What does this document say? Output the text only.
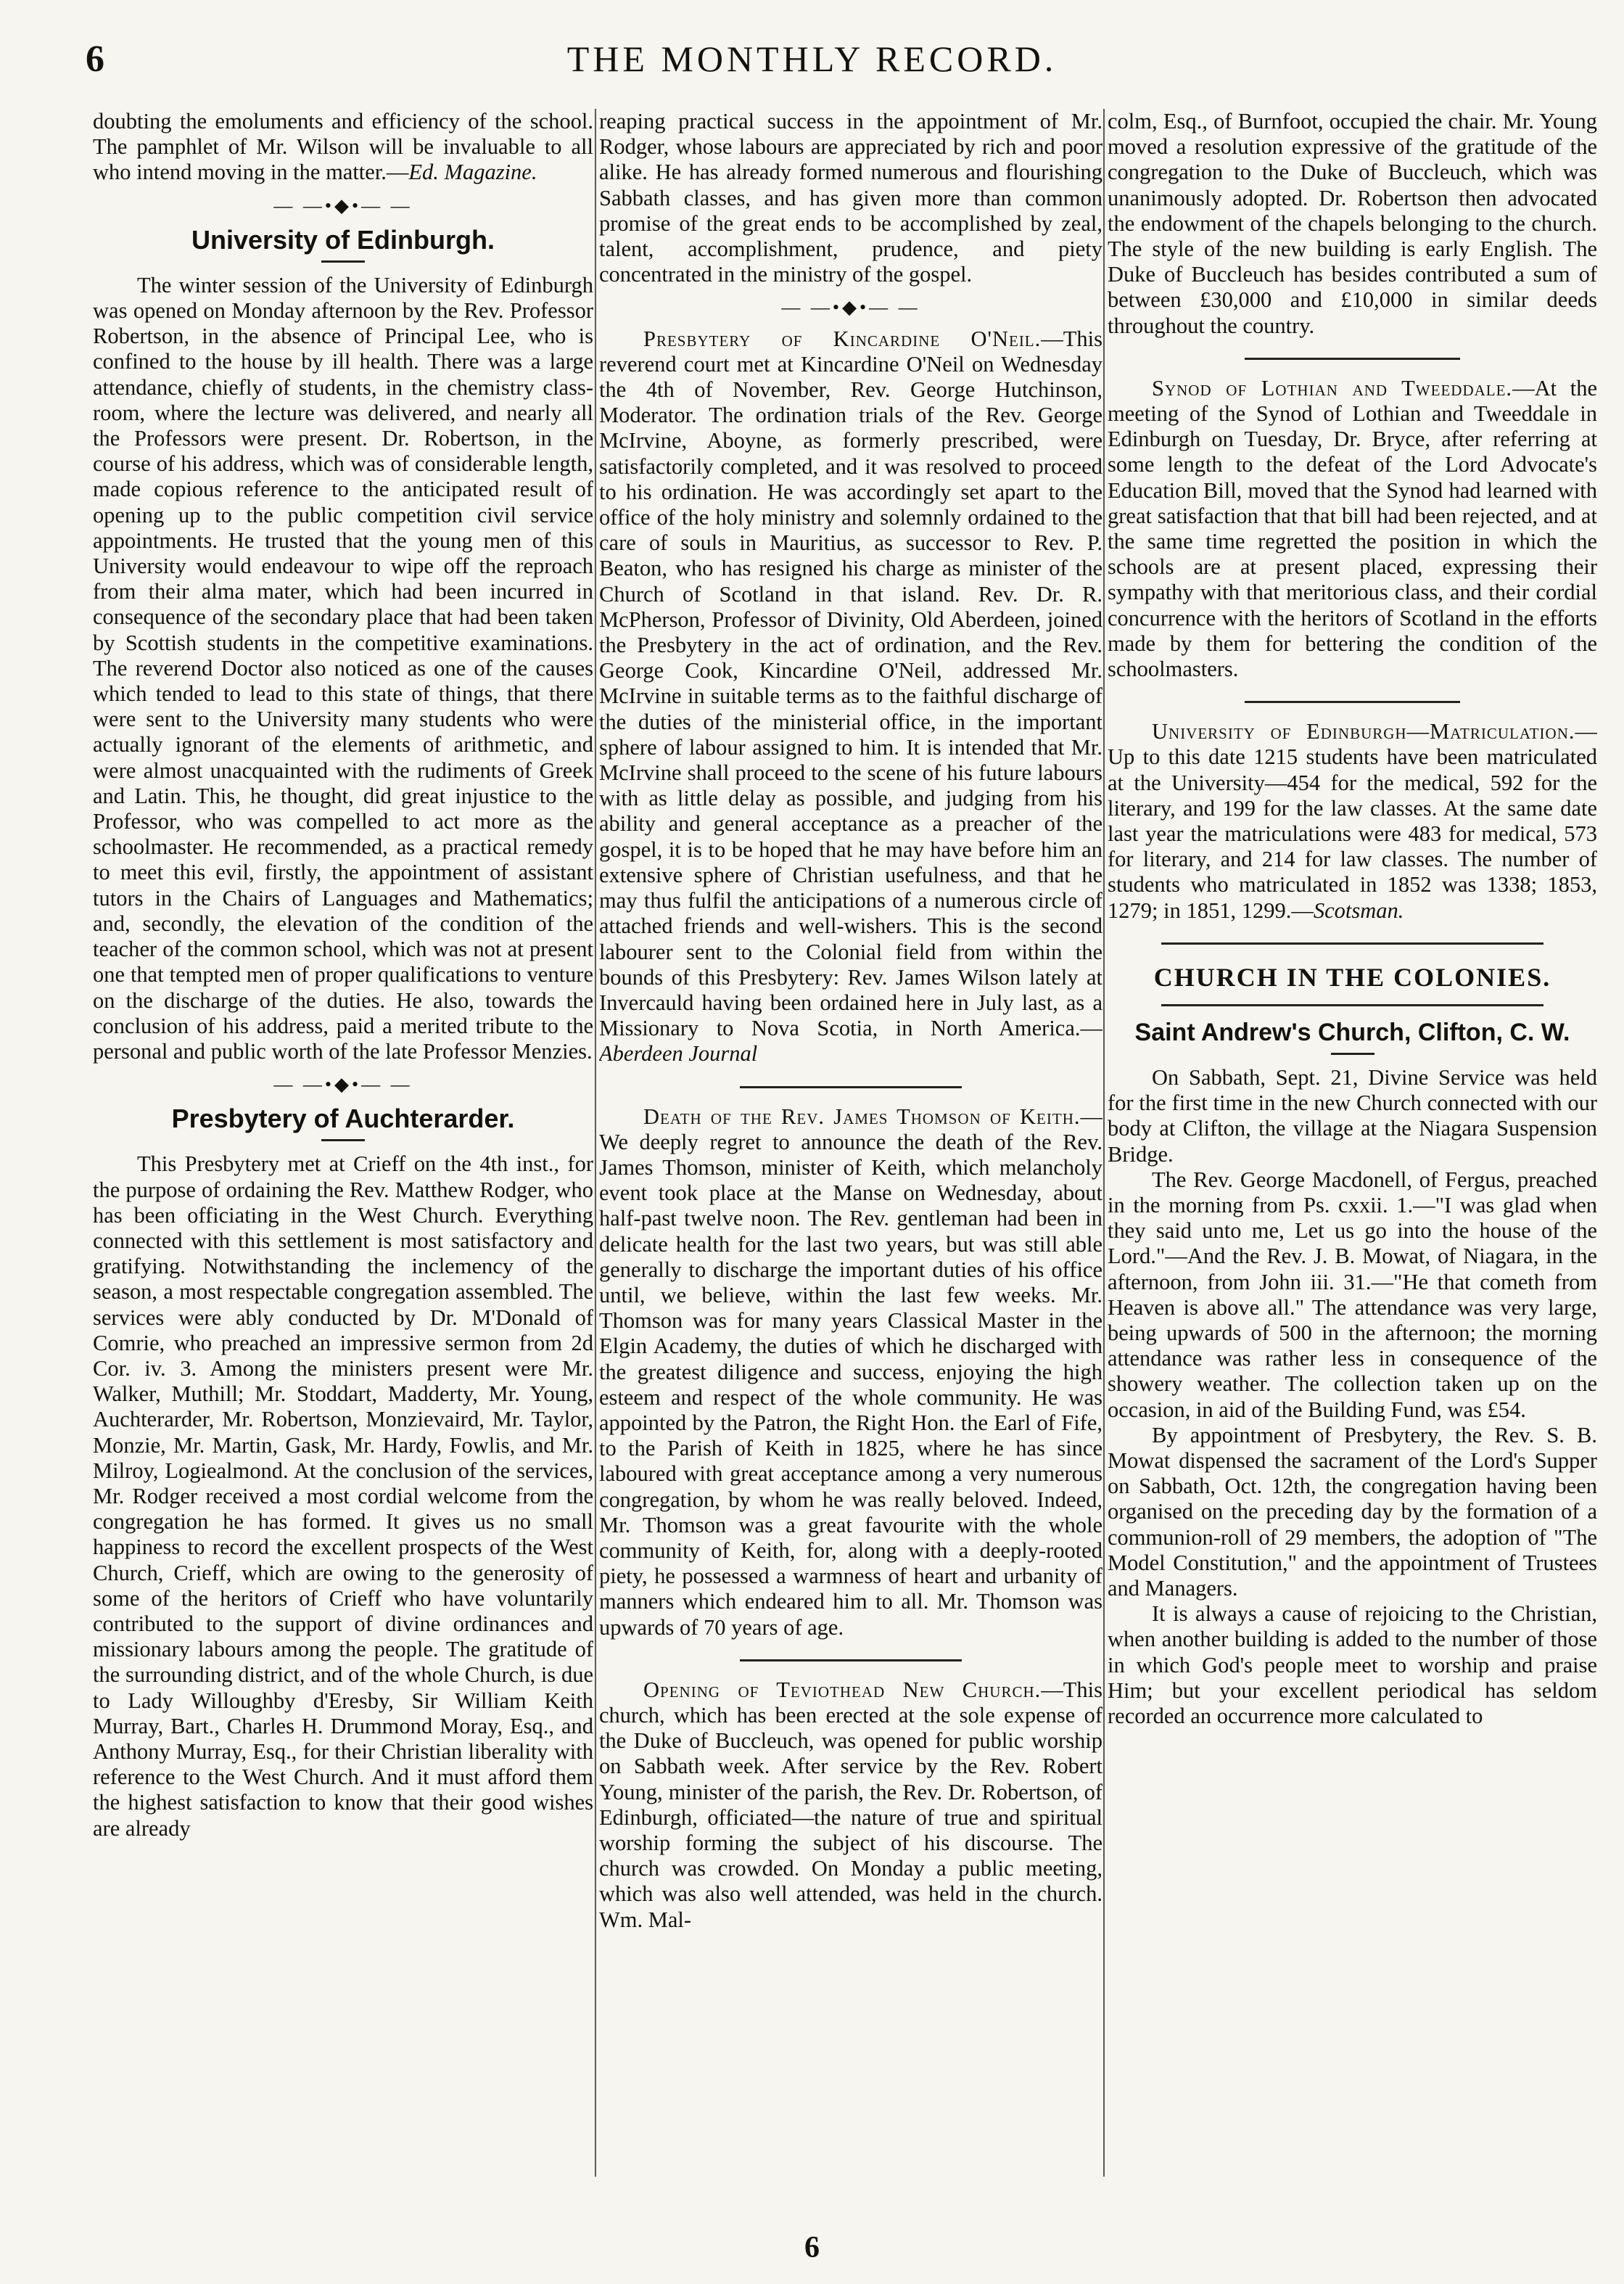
6	THE MONTHLY RECORD.

doubting the emoluments and efficiency of the school. The pamphlet of Mr. Wilson will be invaluable to all who intend moving in the matter.—Ed. Magazine.

— —•◆•— —
University of Edinburgh.

The winter session of the University of Edinburgh was opened on Monday afternoon by the Rev. Professor Robertson, in the absence of Principal Lee, who is confined to the house by ill health. There was a large attendance, chiefly of students, in the chemistry class-room, where the lecture was delivered, and nearly all the Professors were present. Dr. Robertson, in the course of his address, which was of considerable length, made copious reference to the anticipated result of opening up to the public competition civil service appointments. He trusted that the young men of this University would endeavour to wipe off the reproach from their alma mater, which had been incurred in consequence of the secondary place that had been taken by Scottish students in the competitive examinations. The reverend Doctor also noticed as one of the causes which tended to lead to this state of things, that there were sent to the University many students who were actually ignorant of the elements of arithmetic, and were almost unacquainted with the rudiments of Greek and Latin. This, he thought, did great injustice to the Professor, who was compelled to act more as the schoolmaster. He recommended, as a practical remedy to meet this evil, firstly, the appointment of assistant tutors in the Chairs of Languages and Mathematics; and, secondly, the elevation of the condition of the teacher of the common school, which was not at present one that tempted men of proper qualifications to venture on the discharge of the duties. He also, towards the conclusion of his address, paid a merited tribute to the personal and public worth of the late Professor Menzies.

— —•◆•— —
Presbytery of Auchterarder.

This Presbytery met at Crieff on the 4th inst., for the purpose of ordaining the Rev. Matthew Rodger, who has been officiating in the West Church. Everything connected with this settlement is most satisfactory and gratifying. Notwithstanding the inclemency of the season, a most respectable congregation assembled. The services were ably conducted by Dr. M'Donald of Comrie, who preached an impressive sermon from 2d Cor. iv. 3. Among the ministers present were Mr. Walker, Muthill; Mr. Stoddart, Madderty, Mr. Young, Auchterarder, Mr. Robertson, Monzievaird, Mr. Taylor, Monzie, Mr. Martin, Gask, Mr. Hardy, Fowlis, and Mr. Milroy, Logiealmond. At the conclusion of the services, Mr. Rodger received a most cordial welcome from the congregation he has formed. It gives us no small happiness to record the excellent prospects of the West Church, Crieff, which are owing to the generosity of some of the heritors of Crieff who have voluntarily contributed to the support of divine ordinances and missionary labours among the people. The gratitude of the surrounding district, and of the whole Church, is due to Lady Willoughby d'Eresby, Sir William Keith Murray, Bart., Charles H. Drummond Moray, Esq., and Anthony Murray, Esq., for their Christian liberality with reference to the West Church. And it must afford them the highest satisfaction to know that their good wishes are already

reaping practical success in the appointment of Mr. Rodger, whose labours are appreciated by rich and poor alike. He has already formed numerous and flourishing Sabbath classes, and has given more than common promise of the great ends to be accomplished by zeal, talent, accomplishment, prudence, and piety concentrated in the ministry of the gospel.

— —•◆•— —

Presbytery of Kincardine O'Neil.—This reverend court met at Kincardine O'Neil on Wednesday the 4th of November, Rev. George Hutchinson, Moderator. The ordination trials of the Rev. George McIrvine, Aboyne, as formerly prescribed, were satisfactorily completed, and it was resolved to proceed to his ordination. He was accordingly set apart to the office of the holy ministry and solemnly ordained to the care of souls in Mauritius, as successor to Rev. P. Beaton, who has resigned his charge as minister of the Church of Scotland in that island. Rev. Dr. R. McPherson, Professor of Divinity, Old Aberdeen, joined the Presbytery in the act of ordination, and the Rev. George Cook, Kincardine O'Neil, addressed Mr. McIrvine in suitable terms as to the faithful discharge of the duties of the ministerial office, in the important sphere of labour assigned to him. It is intended that Mr. McIrvine shall proceed to the scene of his future labours with as little delay as possible, and judging from his ability and general acceptance as a preacher of the gospel, it is to be hoped that he may have before him an extensive sphere of Christian usefulness, and that he may thus fulfil the anticipations of a numerous circle of attached friends and well-wishers. This is the second labourer sent to the Colonial field from within the bounds of this Presbytery: Rev. James Wilson lately at Invercauld having been ordained here in July last, as a Missionary to Nova Scotia, in North America.—Aberdeen Journal

Death of the Rev. James Thomson of Keith.—We deeply regret to announce the death of the Rev. James Thomson, minister of Keith, which melancholy event took place at the Manse on Wednesday, about half-past twelve noon. The Rev. gentleman had been in delicate health for the last two years, but was still able generally to discharge the important duties of his office until, we believe, within the last few weeks. Mr. Thomson was for many years Classical Master in the Elgin Academy, the duties of which he discharged with the greatest diligence and success, enjoying the high esteem and respect of the whole community. He was appointed by the Patron, the Right Hon. the Earl of Fife, to the Parish of Keith in 1825, where he has since laboured with great acceptance among a very numerous congregation, by whom he was really beloved. Indeed, Mr. Thomson was a great favourite with the whole community of Keith, for, along with a deeply-rooted piety, he possessed a warmness of heart and urbanity of manners which endeared him to all. Mr. Thomson was upwards of 70 years of age.

Opening of Teviothead New Church.—This church, which has been erected at the sole expense of the Duke of Buccleuch, was opened for public worship on Sabbath week. After service by the Rev. Robert Young, minister of the parish, the Rev. Dr. Robertson, of Edinburgh, officiated—the nature of true and spiritual worship forming the subject of his discourse. The church was crowded. On Monday a public meeting, which was also well attended, was held in the church. Wm. Mal-

colm, Esq., of Burnfoot, occupied the chair. Mr. Young moved a resolution expressive of the gratitude of the congregation to the Duke of Buccleuch, which was unanimously adopted. Dr. Robertson then advocated the endowment of the chapels belonging to the church. The style of the new building is early English. The Duke of Buccleuch has besides contributed a sum of between £30,000 and £10,000 in similar deeds throughout the country.

Synod of Lothian and Tweeddale.—At the meeting of the Synod of Lothian and Tweeddale in Edinburgh on Tuesday, Dr. Bryce, after referring at some length to the defeat of the Lord Advocate's Education Bill, moved that the Synod had learned with great satisfaction that that bill had been rejected, and at the same time regretted the position in which the schools are at present placed, expressing their sympathy with that meritorious class, and their cordial concurrence with the heritors of Scotland in the efforts made by them for bettering the condition of the schoolmasters.

University of Edinburgh—Matriculation.—Up to this date 1215 students have been matriculated at the University—454 for the medical, 592 for the literary, and 199 for the law classes. At the same date last year the matriculations were 483 for medical, 573 for literary, and 214 for law classes. The number of students who matriculated in 1852 was 1338; 1853, 1279; in 1851, 1299.—Scotsman.

CHURCH IN THE COLONIES.
Saint Andrew's Church, Clifton, C. W.

On Sabbath, Sept. 21, Divine Service was held for the first time in the new Church connected with our body at Clifton, the village at the Niagara Suspension Bridge.

The Rev. George Macdonell, of Fergus, preached in the morning from Ps. cxxii. 1.—"I was glad when they said unto me, Let us go into the house of the Lord."—And the Rev. J. B. Mowat, of Niagara, in the afternoon, from John iii. 31.—"He that cometh from Heaven is above all." The attendance was very large, being upwards of 500 in the afternoon; the morning attendance was rather less in consequence of the showery weather. The collection taken up on the occasion, in aid of the Building Fund, was £54.

By appointment of Presbytery, the Rev. S. B. Mowat dispensed the sacrament of the Lord's Supper on Sabbath, Oct. 12th, the congregation having been organised on the preceding day by the formation of a communion-roll of 29 members, the adoption of "The Model Constitution," and the appointment of Trustees and Managers.

It is always a cause of rejoicing to the Christian, when another building is added to the number of those in which God's people meet to worship and praise Him; but your excellent periodical has seldom recorded an occurrence more calculated to

6
